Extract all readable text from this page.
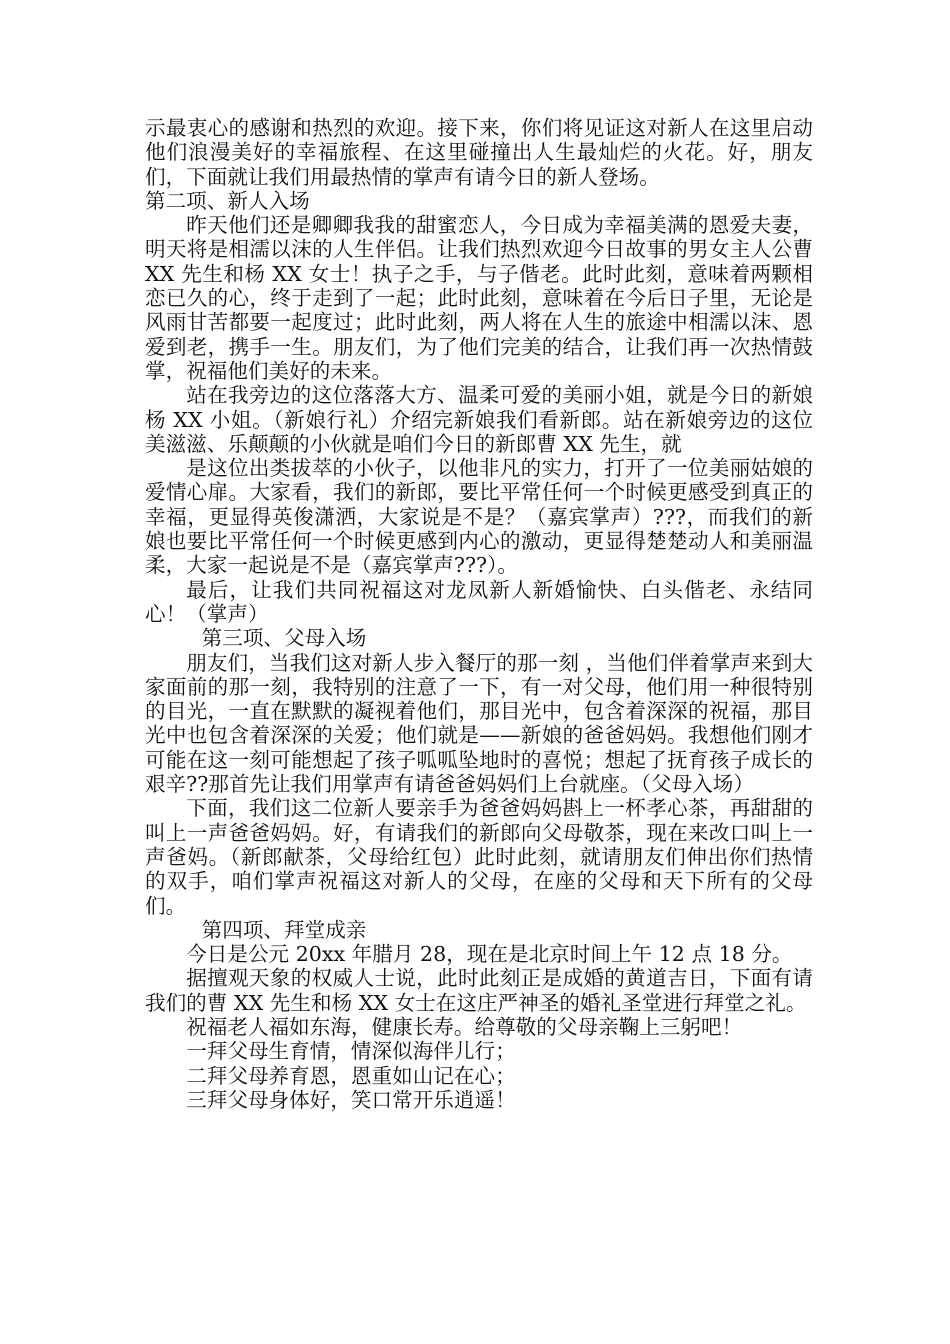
示最衷心的感谢和热烈的欢迎。接下来，你们将见证这对新人在这里启动他们浪漫美好的幸福旅程、在这里碰撞出人生最灿烂的火花。好，朋友们，下面就让我们用最热情的掌声有请今日的新人登场。

第二项、新人入场

昨天他们还是卿卿我我的甜蜜恋人，今日成为幸福美满的恩爱夫妻，明天将是相濡以沫的人生伴侣。让我们热烈欢迎今日故事的男女主人公曹 XX 先生和杨 XX 女士！执子之手，与子偕老。此时此刻，意味着两颗相恋已久的心，终于走到了一起；此时此刻，意味着在今后日子里，无论是风雨甘苦都要一起度过；此时此刻，两人将在人生的旅途中相濡以沫、恩爱到老，携手一生。朋友们，为了他们完美的结合，让我们再一次热情鼓掌，祝福他们美好的未来。

站在我旁边的这位落落大方、温柔可爱的美丽小姐，就是今日的新娘杨 XX 小姐。（新娘行礼）介绍完新娘我们看新郎。站在新娘旁边的这位美滋滋、乐颠颠的小伙就是咱们今日的新郎曹 XX 先生，就

是这位出类拔萃的小伙子，以他非凡的实力，打开了一位美丽姑娘的爱情心扉。大家看，我们的新郎，要比平常任何一个时候更感受到真正的幸福，更显得英俊潇洒，大家说是不是？（嘉宾掌声）???，而我们的新娘也要比平常任何一个时候更感到内心的激动，更显得楚楚动人和美丽温柔，大家一起说是不是（嘉宾掌声???）。

最后，让我们共同祝福这对龙凤新人新婚愉快、白头偕老、永结同心！（掌声）

第三项、父母入场

朋友们，当我们这对新人步入餐厅的那一刻 ，当他们伴着掌声来到大家面前的那一刻，我特别的注意了一下，有一对父母，他们用一种很特别的目光，一直在默默的凝视着他们，那目光中，包含着深深的祝福，那目光中也包含着深深的关爱；他们就是——新娘的爸爸妈妈。我想他们刚才可能在这一刻可能想起了孩子呱呱坠地时的喜悦；想起了抚育孩子成长的艰辛??那首先让我们用掌声有请爸爸妈妈们上台就座。（父母入场）

下面，我们这二位新人要亲手为爸爸妈妈斟上一杯孝心茶，再甜甜的叫上一声爸爸妈妈。好，有请我们的新郎向父母敬茶，现在来改口叫上一声爸妈。（新郎献茶，父母给红包）此时此刻，就请朋友们伸出你们热情的双手，咱们掌声祝福这对新人的父母，在座的父母和天下所有的父母们。

第四项、拜堂成亲

今日是公元 20xx 年腊月 28，现在是北京时间上午 12 点 18 分。

据擅观天象的权威人士说，此时此刻正是成婚的黄道吉日，下面有请我们的曹 XX 先生和杨 XX 女士在这庄严神圣的婚礼圣堂进行拜堂之礼。

祝福老人福如东海，健康长寿。给尊敬的父母亲鞠上三躬吧！

一拜父母生育情，情深似海伴儿行；

二拜父母养育恩，恩重如山记在心；

三拜父母身体好，笑口常开乐逍遥！
